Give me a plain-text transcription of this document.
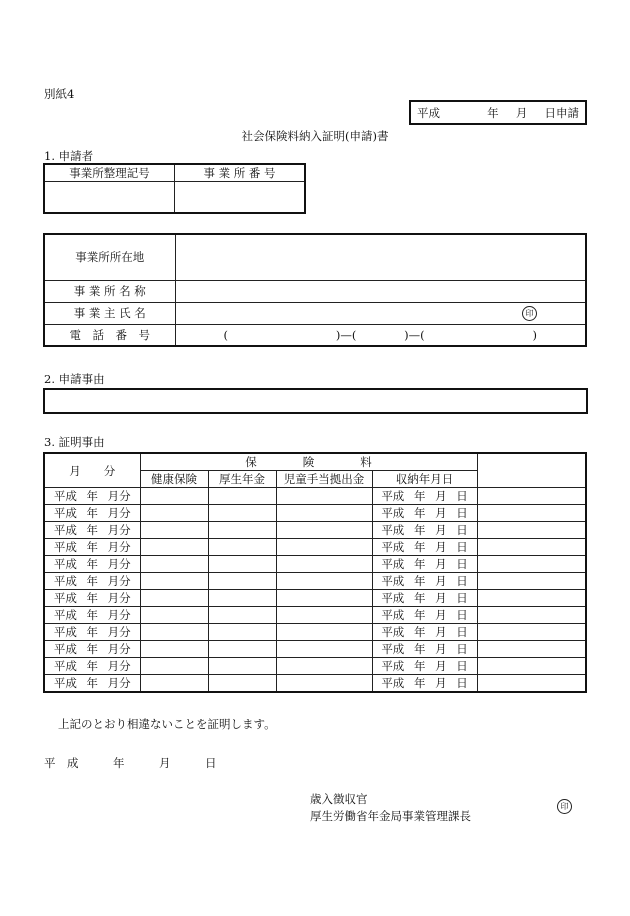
別紙4
平成	年 月 日申請
社会保険料納入証明(申請)書
1. 申請者
事業所整理記号	事 業 所 番 号

事業所所在地	
事 業 所 名 称	
事 業 主 氏 名	印
電　話　番　号	( )—( )—( )
2. 申請事由
3. 証明事由
月　　分	保　　　　険　　　　料				
	健康保険	厚生年金	児童手当拠出金	収納年月日	

平成 年 月分				平成 年 月 日	

平成 年 月分				平成 年 月 日	

平成 年 月分				平成 年 月 日	

平成 年 月分				平成 年 月 日	

平成 年 月分				平成 年 月 日	

平成 年 月分				平成 年 月 日	

平成 年 月分				平成 年 月 日	

平成 年 月分				平成 年 月 日	

平成 年 月分				平成 年 月 日	

平成 年 月分				平成 年 月 日	

平成 年 月分				平成 年 月 日	

平成 年 月分				平成 年 月 日	

上記のとおり相違ないことを証明します。
平　成　　　年　　　月　　　日
歳入徴収官
厚生労働省年金局事業管理課長
印
